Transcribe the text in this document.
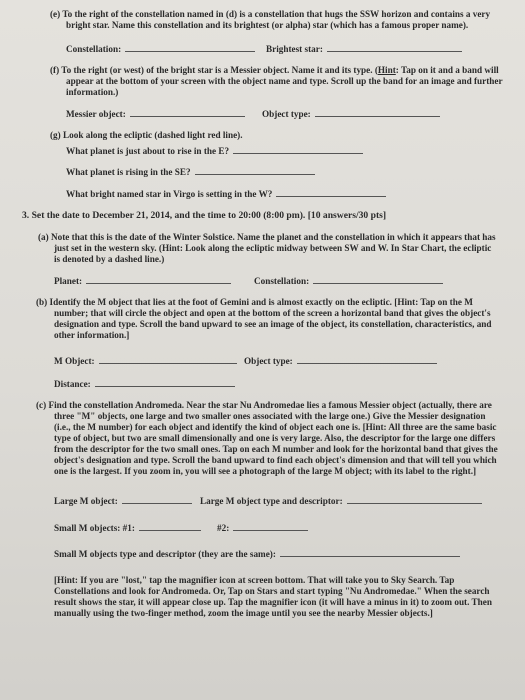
(e) To the right of the constellation named in (d) is a constellation that hugs the SSW horizon and contains a very
bright star. Name this constellation and its brightest (or alpha) star (which has a famous proper name).
Constellation:	Brightest star:
(f) To the right (or west) of the bright star is a Messier object. Name it and its type. (Hint: Tap on it and a band will
appear at the bottom of your screen with the object name and type. Scroll up the band for an image and further
information.)
Messier object:	Object type:
(g) Look along the ecliptic (dashed light red line).
What planet is just about to rise in the E?
What planet is rising in the SE?
What bright named star in Virgo is setting in the W?
3. Set the date to December 21, 2014, and the time to 20:00 (8:00 pm). [10 answers/30 pts]
(a) Note that this is the date of the Winter Solstice. Name the planet and the constellation in which it appears that has
just set in the western sky. (Hint: Look along the ecliptic midway between SW and W. In Star Chart, the ecliptic
is denoted by a dashed line.)
Planet:	Constellation:
(b) Identify the M object that lies at the foot of Gemini and is almost exactly on the ecliptic. [Hint: Tap on the M
number; that will circle the object and open at the bottom of the screen a horizontal band that gives the object's
designation and type. Scroll the band upward to see an image of the object, its constellation, characteristics, and
other information.]
M Object:	Object type:
Distance:
(c) Find the constellation Andromeda. Near the star Nu Andromedae lies a famous Messier object (actually, there are
three "M" objects, one large and two smaller ones associated with the large one.) Give the Messier designation
(i.e., the M number) for each object and identify the kind of object each one is. [Hint: All three are the same basic
type of object, but two are small dimensionally and one is very large. Also, the descriptor for the large one differs
from the descriptor for the two small ones. Tap on each M number and look for the horizontal band that gives the
object's designation and type. Scroll the band upward to find each object's dimension and that will tell you which
one is the largest. If you zoom in, you will see a photograph of the large M object; with its label to the right.]
Large M object:	Large M object type and descriptor:
Small M objects: #1:	#2:
Small M objects type and descriptor (they are the same):
[Hint: If you are "lost," tap the magnifier icon at screen bottom. That will take you to Sky Search. Tap
Constellations and look for Andromeda. Or, Tap on Stars and start typing "Nu Andromedae." When the search
result shows the star, it will appear close up. Tap the magnifier icon (it will have a minus in it) to zoom out. Then
manually using the two-finger method, zoom the image until you see the nearby Messier objects.]
